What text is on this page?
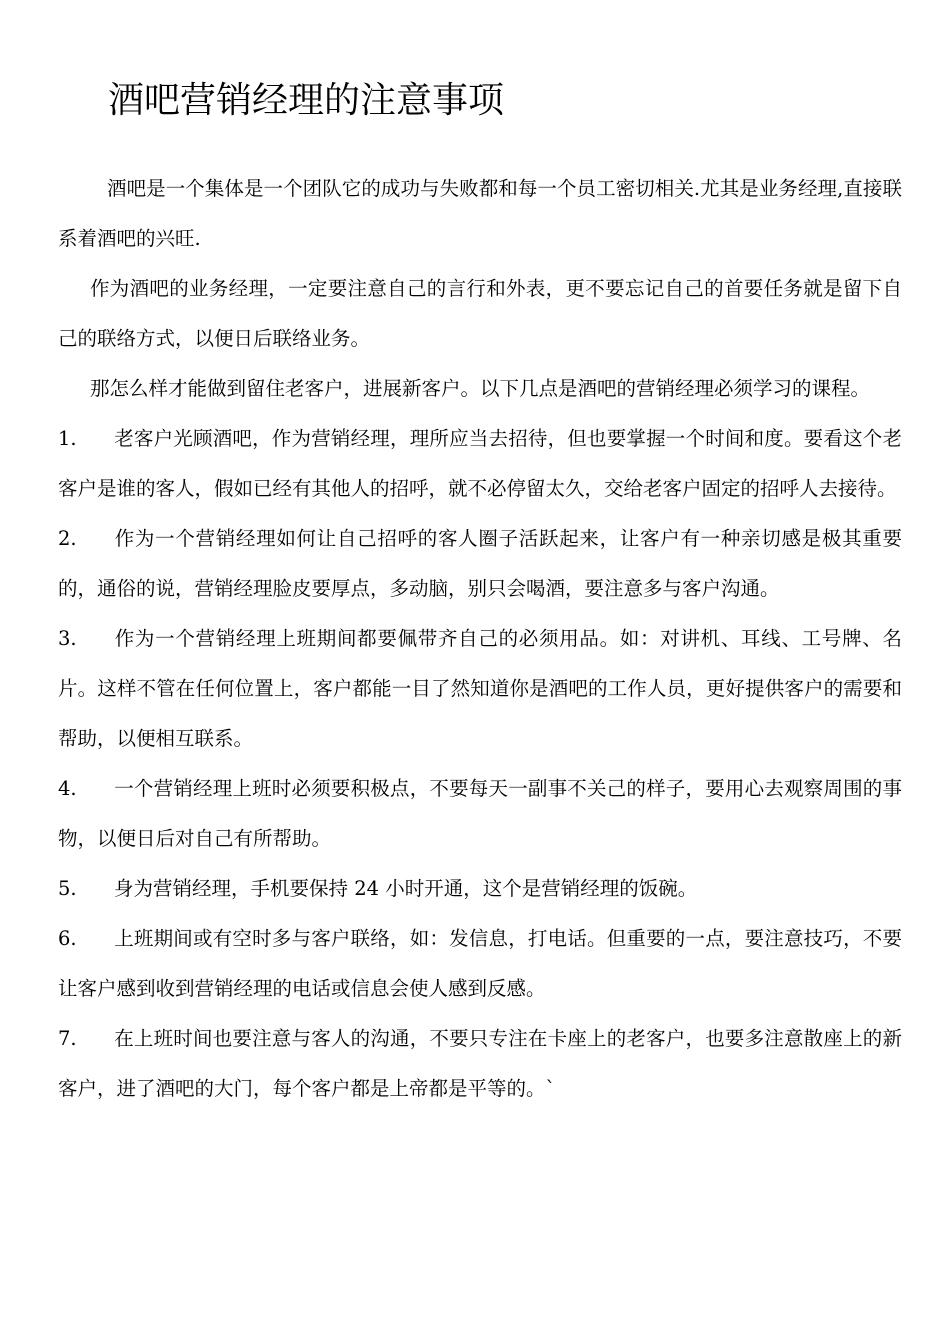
酒吧营销经理的注意事项

酒吧是一个集体是一个团队它的成功与失败都和每一个员工密切相关.尤其是业务经理,直接联系着酒吧的兴旺.

作为酒吧的业务经理，一定要注意自己的言行和外表，更不要忘记自己的首要任务就是留下自己的联络方式，以便日后联络业务。

那怎么样才能做到留住老客户，进展新客户。以下几点是酒吧的营销经理必须学习的课程。

1. 老客户光顾酒吧，作为营销经理，理所应当去招待，但也要掌握一个时间和度。要看这个老客户是谁的客人，假如已经有其他人的招呼，就不必停留太久，交给老客户固定的招呼人去接待。

2. 作为一个营销经理如何让自己招呼的客人圈子活跃起来，让客户有一种亲切感是极其重要的，通俗的说，营销经理脸皮要厚点，多动脑，别只会喝酒，要注意多与客户沟通。

3. 作为一个营销经理上班期间都要佩带齐自己的必须用品。如：对讲机、耳线、工号牌、名片。这样不管在任何位置上，客户都能一目了然知道你是酒吧的工作人员，更好提供客户的需要和帮助，以便相互联系。

4. 一个营销经理上班时必须要积极点，不要每天一副事不关己的样子，要用心去观察周围的事物，以便日后对自己有所帮助。

5. 身为营销经理，手机要保持 24 小时开通，这个是营销经理的饭碗。

6. 上班期间或有空时多与客户联络，如：发信息，打电话。但重要的一点，要注意技巧，不要让客户感到收到营销经理的电话或信息会使人感到反感。

7. 在上班时间也要注意与客人的沟通，不要只专注在卡座上的老客户，也要多注意散座上的新客户，进了酒吧的大门，每个客户都是上帝都是平等的。`
